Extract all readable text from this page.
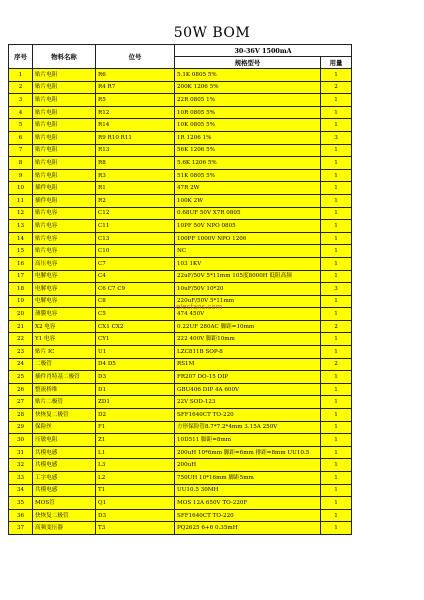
50W BOM
序号	物料名称	位号	30-36V 1500mA	
			规格型号	用量
1	贴片电阻	R6	5.1K 0805 5%	1
2	贴片电阻	R4 R7	200K 1206 5%	2
3	贴片电阻	R5	22R 0805 1%	1
4	贴片电阻	R12	10R 0805 5%	1
5	贴片电阻	R14	10K 0805 5%	1
6	贴片电阻	R9 R10 R11	1R 1206 1%	3
7	贴片电阻	R13	56K 1206 5%	1
8	贴片电阻	R8	5.6K 1206 5%	1
9	贴片电阻	R3	51K 0805 5%	1
10	插件电阻	R1	47R 2W	1
11	插件电阻	R2	100K 2W	1
12	贴片电容	C12	0.68UF 50V X7R 0805	1
13	贴片电容	C11	10PF 50V NPO 0805	1
14	贴片电容	C13	100PF 1000V NPO 1206	1
15	贴片电容	C10	NC	1
16	高压电容	C7	103 1KV	1
17	电解电容	C4	22uF/50V 5*11mm 105度8000H 低阻高频	1
18	电解电容	C6 C7 C9	10uF/50V 10*20	3
19	电解电容	C8	220uF/50V 5*11mm	1
20	薄膜电容	C5	474 450V	1
21	X2 电容	CX1 CX2	0.22UF 280AC 脚距=10mm	2
22	Y1 电容	CY1	222 400V 脚距10mm	1
23	贴片 IC	U1	LZC811B SOP-8	1
24	二极管	D4 D5	RS1M	2
25	插件肖特基二极管	D3	FR207 DO-15 DIP	1
26	整流桥堆	D1	GBU406 DIP 4A 600V	1
27	贴片二极管	ZD1	22V SOD-123	1
28	快恢复二极管	D2	SFF1640CT TO-220	1
29	保险丝	F1	方形保险管8.7*7.2*4mm 3.15A 250V	1
30	压敏电阻	Z1	10D511 脚距=8mm	1
31	共模电感	L1	200uH 10*6mm 脚距=6mm 排距=8mm UU10.5	1
32	共模电感	L3	200uH	1
33	工字电感	L2	750UH 10*16mm 脚距5mm	1
34	共模电感	T1	UU10.5 30MH	1
35	MOS管	Q1	MOS 12A 650V TO-220F	1
36	快恢复二极管	D3	SFF1640CT TO-220	1
37	高频变压器	T3	PQ2625 6+6 0.35mH	1
elecfans.com
